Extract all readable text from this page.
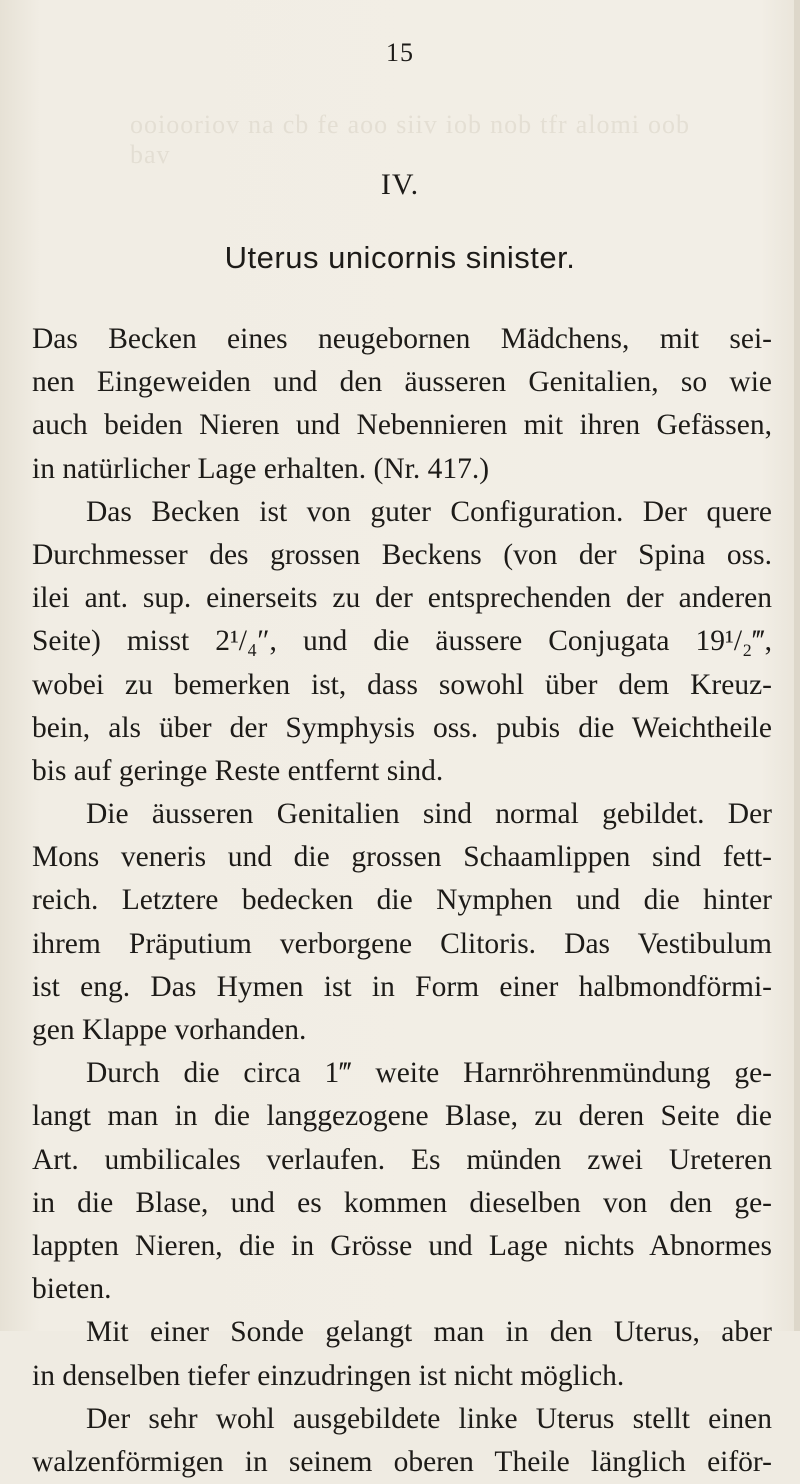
15
ooiooriov na cb fe aoo siiv iob nob tfr alomi oob bav
IV.
Uterus unicornis sinister.
Das Becken eines neugebornen Mädchens, mit sei-
nen Eingeweiden und den äusseren Genitalien, so wie
auch beiden Nieren und Nebennieren mit ihren Gefässen,
in natürlicher Lage erhalten. (Nr. 417.)
Das Becken ist von guter Configuration. Der quere
Durchmesser des grossen Beckens (von der Spina oss.
ilei ant. sup. einerseits zu der entsprechenden der anderen
Seite) misst 2¹/₄″, und die äussere Conjugata 19¹/₂‴,
wobei zu bemerken ist, dass sowohl über dem Kreuz-
bein, als über der Symphysis oss. pubis die Weichtheile
bis auf geringe Reste entfernt sind.
Die äusseren Genitalien sind normal gebildet. Der
Mons veneris und die grossen Schaamlippen sind fett-
reich. Letztere bedecken die Nymphen und die hinter
ihrem Präputium verborgene Clitoris. Das Vestibulum
ist eng. Das Hymen ist in Form einer halbmondförmi-
gen Klappe vorhanden.
Durch die circa 1‴ weite Harnröhrenmündung ge-
langt man in die langgezogene Blase, zu deren Seite die
Art. umbilicales verlaufen. Es münden zwei Ureteren
in die Blase, und es kommen dieselben von den ge-
lappten Nieren, die in Grösse und Lage nichts Abnormes
bieten.
Mit einer Sonde gelangt man in den Uterus, aber
in denselben tiefer einzudringen ist nicht möglich.
Der sehr wohl ausgebildete linke Uterus stellt einen
walzenförmigen in seinem oberen Theile länglich eiför-
